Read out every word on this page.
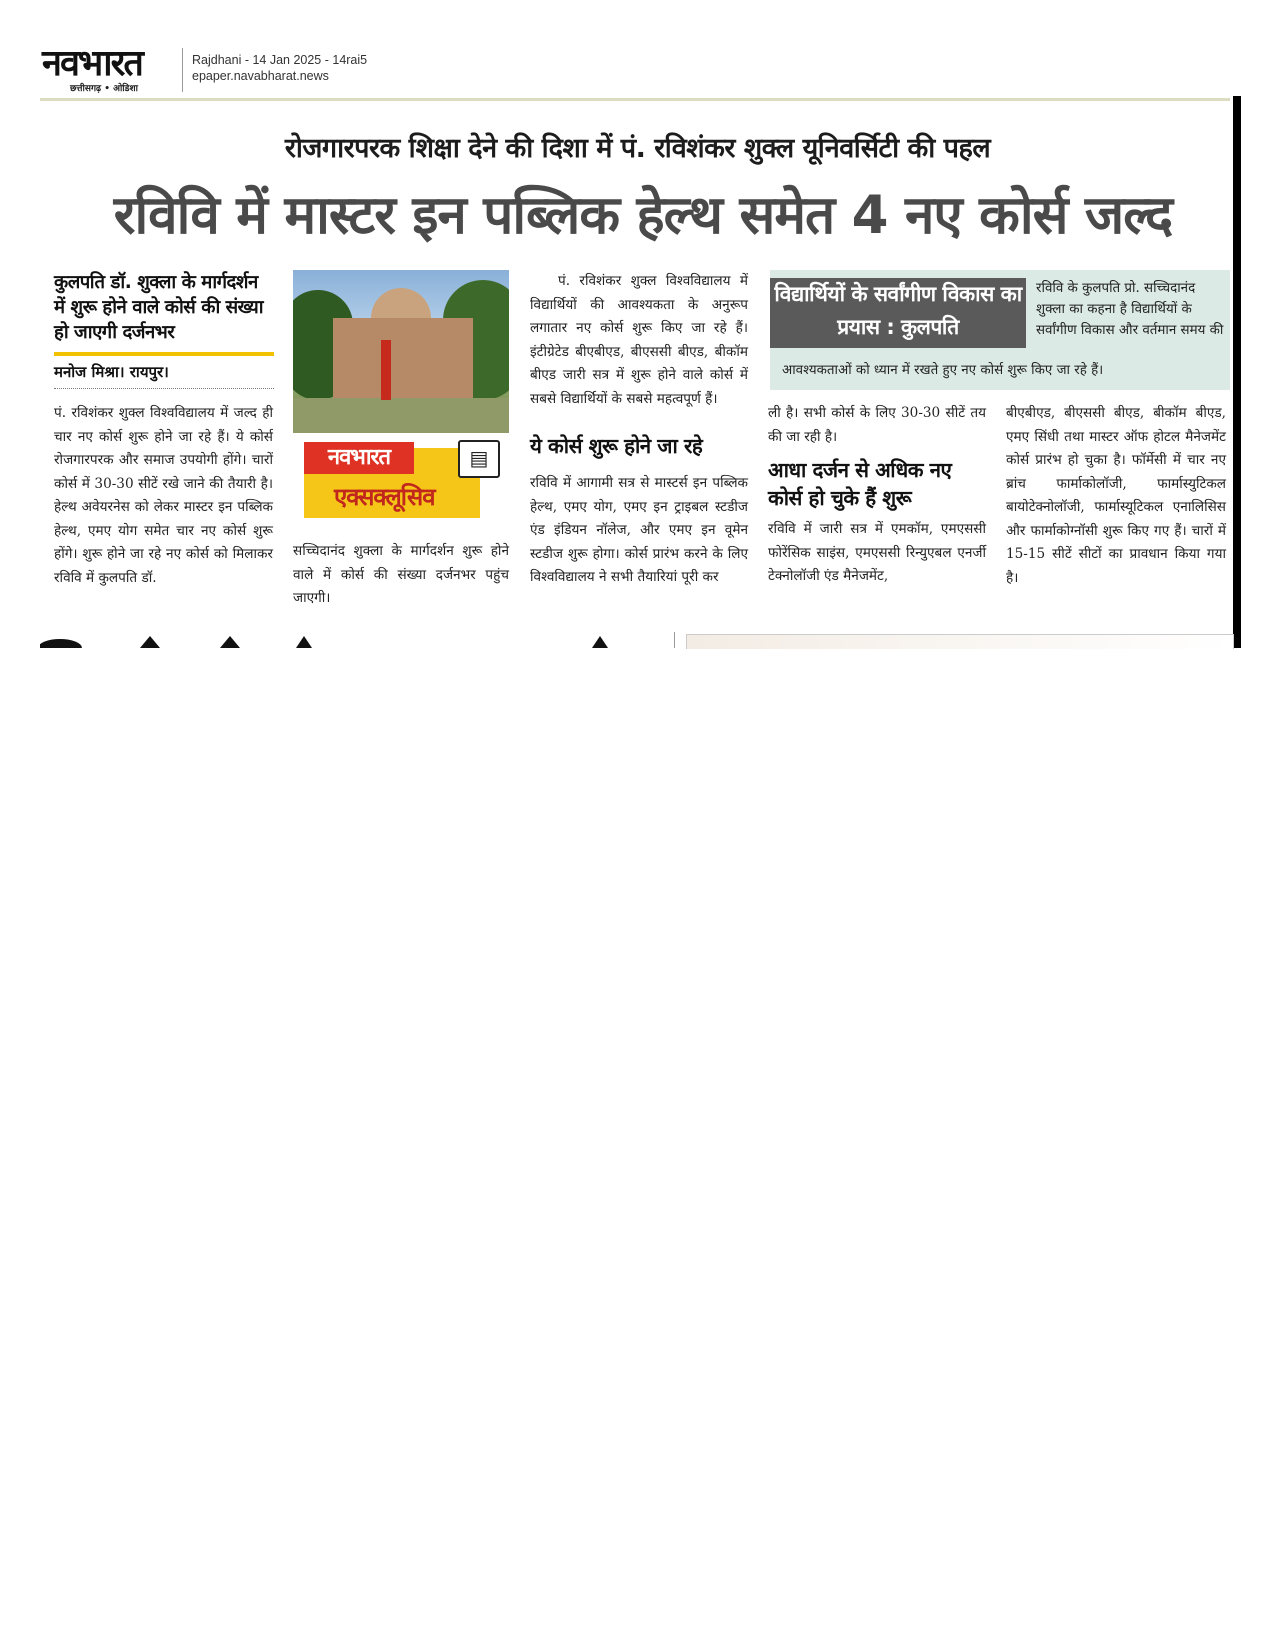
नवभारत
छत्तीसगढ़ • ओडिशा
Rajdhani - 14 Jan 2025 - 14rai5
epaper.navabharat.news
रोजगारपरक शिक्षा देने की दिशा में पं. रविशंकर शुक्ल यूनिवर्सिटी की पहल
रविवि में मास्टर इन पब्लिक हेल्थ समेत 4 नए कोर्स जल्द
कुलपति डॉ. शुक्ला के मार्गदर्शन में शुरू होने वाले कोर्स की संख्या हो जाएगी दर्जनभर
मनोज मिश्रा। रायपुर।
पं. रविशंकर शुक्ल विश्वविद्यालय में जल्द ही चार नए कोर्स शुरू होने जा रहे हैं। ये कोर्स रोजगारपरक और समाज उपयोगी होंगे। चारों कोर्स में 30-30 सीटें रखे जाने की तैयारी है। हेल्थ अवेयरनेस को लेकर मास्टर इन पब्लिक हेल्थ, एमए योग समेत चार नए कोर्स शुरू होंगे। शुरू होने जा रहे नए कोर्स को मिलाकर रविवि में कुलपति डॉ.
नवभारत
एक्सक्लूसिव
▤
सच्चिदानंद शुक्ला के मार्गदर्शन शुरू होने वाले में कोर्स की संख्या दर्जनभर पहुंच जाएगी।
पं. रविशंकर शुक्ल विश्वविद्यालय में विद्यार्थियों की आवश्यकता के अनुरूप लगातार नए कोर्स शुरू किए जा रहे हैं। इंटीग्रेटेड बीएबीएड, बीएससी बीएड, बीकॉम बीएड जारी सत्र में शुरू होने वाले कोर्स में सबसे विद्यार्थियों के सबसे महत्वपूर्ण हैं।
ये कोर्स शुरू होने जा रहे
रविवि में आगामी सत्र से मास्टर्स इन पब्लिक हेल्थ, एमए योग, एमए इन ट्राइबल स्टडीज एंड इंडियन नॉलेज, और एमए इन वूमेन स्टडीज शुरू होगा। कोर्स प्रारंभ करने के लिए विश्वविद्यालय ने सभी तैयारियां पूरी कर
विद्यार्थियों के सर्वांगीण विकास का प्रयास : कुलपति
रविवि के कुलपति प्रो. सच्चिदानंद शुक्ला का कहना है विद्यार्थियों के सर्वांगीण विकास और वर्तमान समय की
आवश्यकताओं को ध्यान में रखते हुए नए कोर्स शुरू किए जा रहे हैं।
ली है। सभी कोर्स के लिए 30-30 सीटें तय की जा रही है।
आधा दर्जन से अधिक नए कोर्स हो चुके हैं शुरू
रविवि में जारी सत्र में एमकॉम, एमएससी फोरेंसिक साइंस, एमएससी रिन्युएबल एनर्जी टेक्नोलॉजी एंड मैनेजमेंट,
बीएबीएड, बीएससी बीएड, बीकॉम बीएड, एमए सिंधी तथा मास्टर ऑफ होटल मैनेजमेंट कोर्स प्रारंभ हो चुका है। फॉर्मेसी में चार नए ब्रांच फार्माकोलॉजी, फार्मास्युटिकल बायोटेक्नोलॉजी, फार्मास्यूटिकल एनालिसिस और फार्माकोग्नॉसी शुरू किए गए हैं। चारों में 15-15 सीटें सीटों का प्रावधान किया गया है।
